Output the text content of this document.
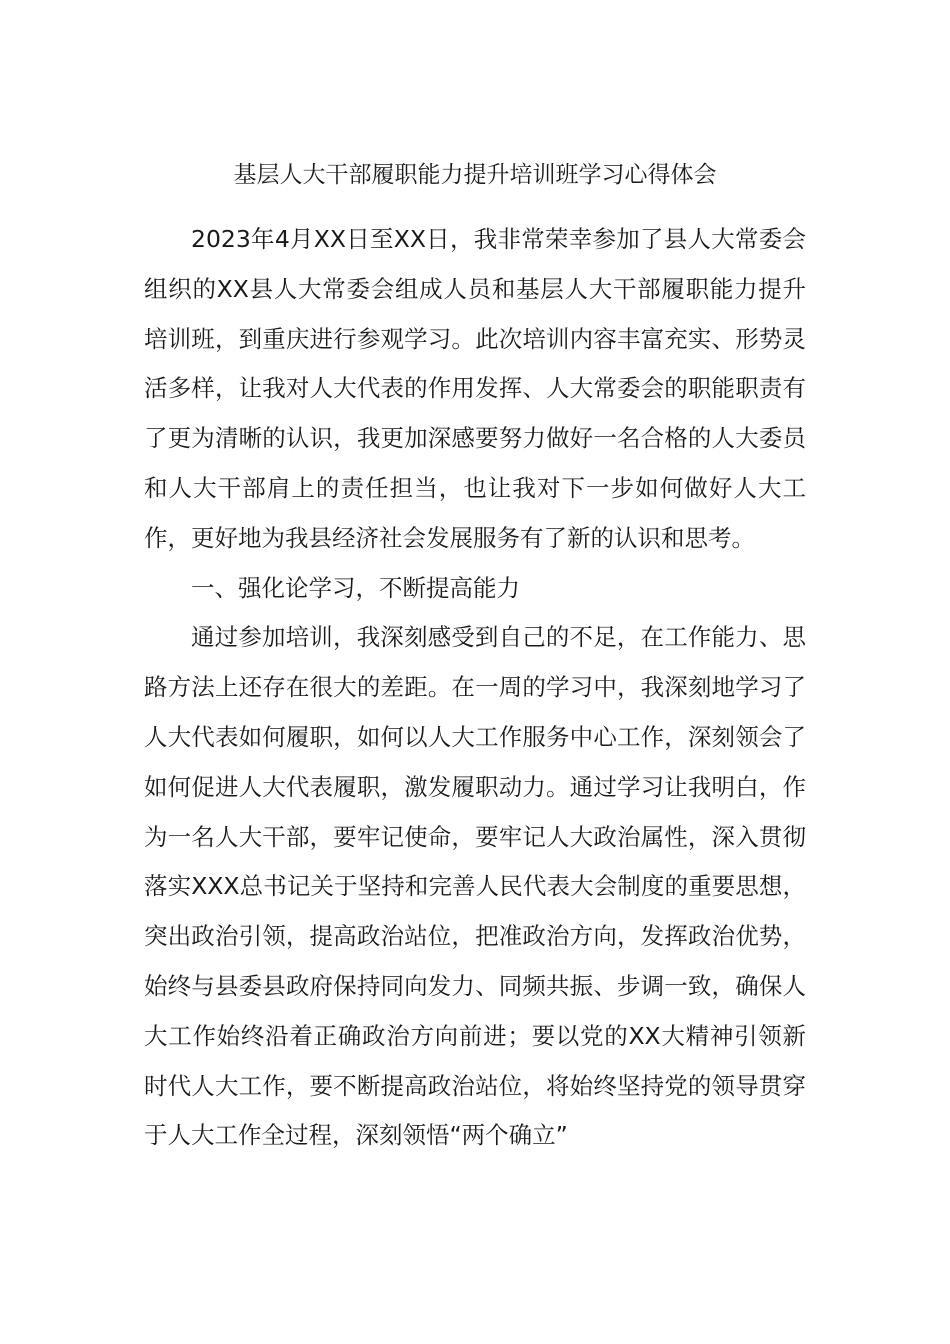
基层人大干部履职能力提升培训班学习心得体会

2023年4月XX日至XX日，我非常荣幸参加了县人大常委会组织的XX县人大常委会组成人员和基层人大干部履职能力提升培训班，到重庆进行参观学习。此次培训内容丰富充实、形势灵活多样，让我对人大代表的作用发挥、人大常委会的职能职责有了更为清晰的认识，我更加深感要努力做好一名合格的人大委员和人大干部肩上的责任担当，也让我对下一步如何做好人大工作，更好地为我县经济社会发展服务有了新的认识和思考。

一、强化论学习，不断提高能力

通过参加培训，我深刻感受到自己的不足，在工作能力、思路方法上还存在很大的差距。在一周的学习中，我深刻地学习了人大代表如何履职，如何以人大工作服务中心工作，深刻领会了如何促进人大代表履职，激发履职动力。通过学习让我明白，作为一名人大干部，要牢记使命，要牢记人大政治属性，深入贯彻落实XXX总书记关于坚持和完善人民代表大会制度的重要思想，突出政治引领，提高政治站位，把准政治方向，发挥政治优势，始终与县委县政府保持同向发力、同频共振、步调一致，确保人大工作始终沿着正确政治方向前进；要以党的XX大精神引领新时代人大工作，要不断提高政治站位，将始终坚持党的领导贯穿于人大工作全过程，深刻领悟“两个确立”
